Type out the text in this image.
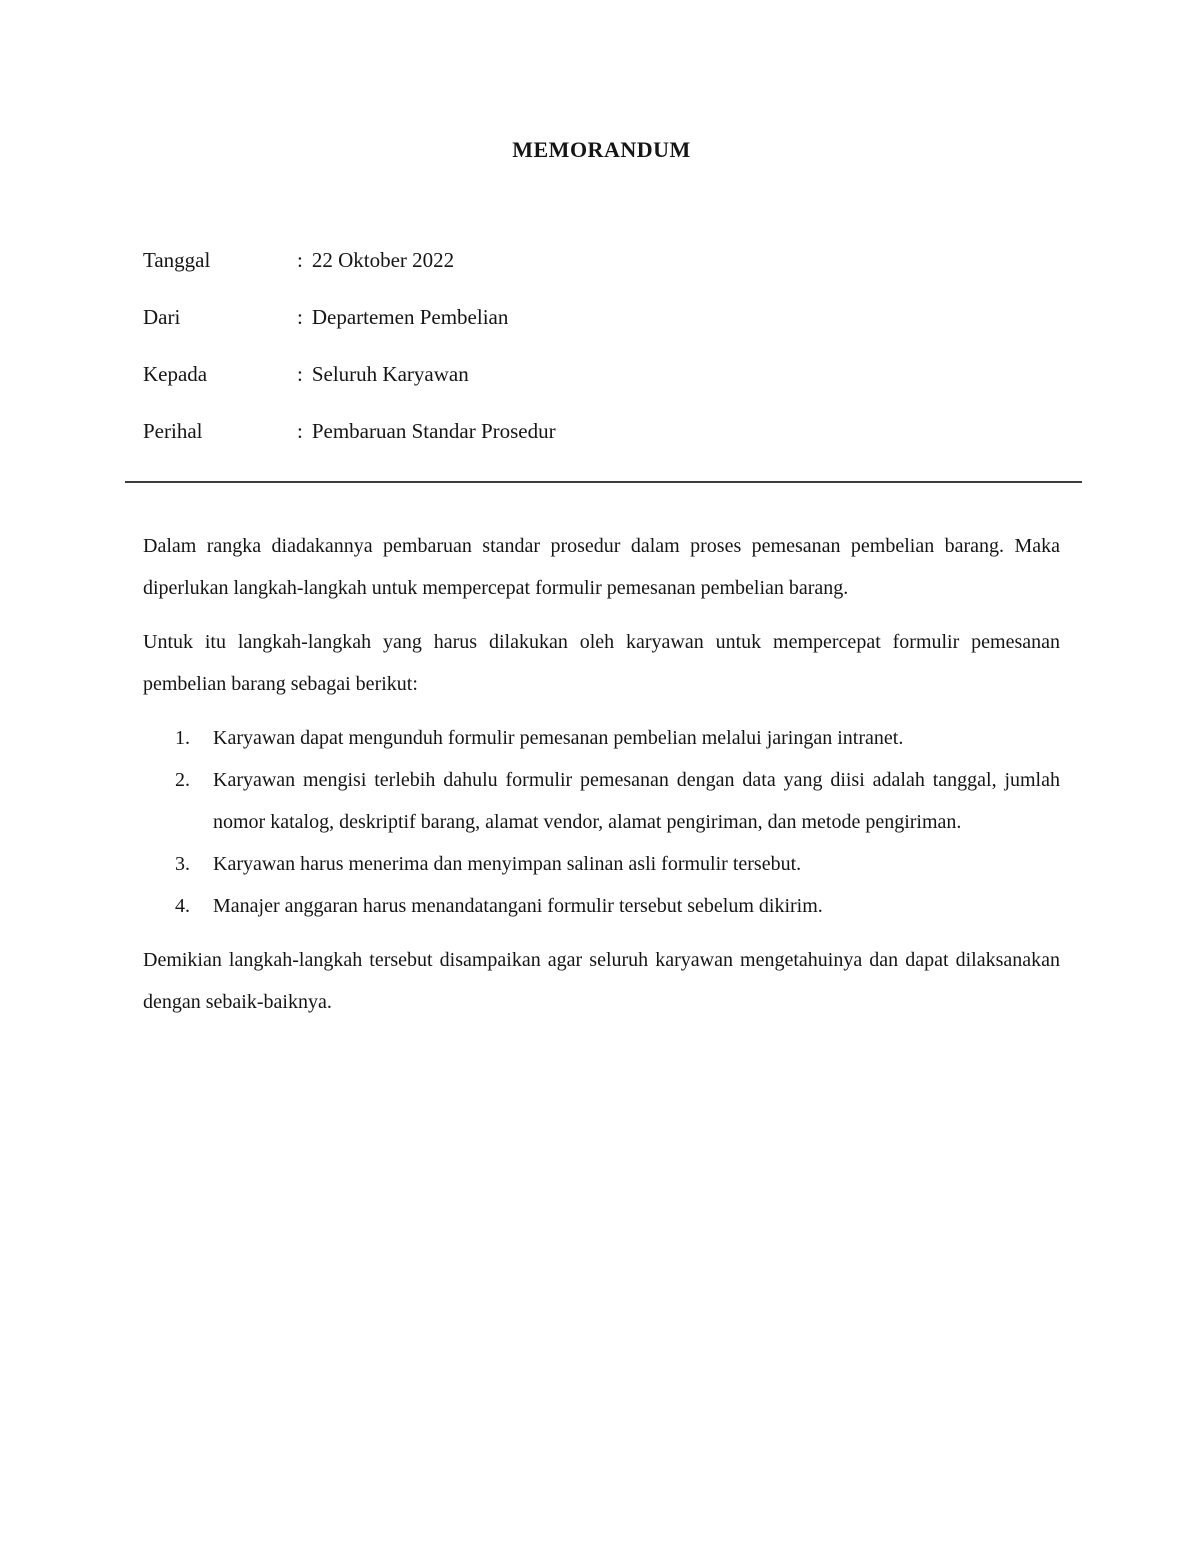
MEMORANDUM
Tanggal	: 22 Oktober 2022
Dari	: Departemen Pembelian
Kepada	: Seluruh Karyawan
Perihal	: Pembaruan Standar Prosedur

Dalam rangka diadakannya pembaruan standar prosedur dalam proses pemesanan pembelian barang. Maka diperlukan langkah-langkah untuk mempercepat formulir pemesanan pembelian barang.

Untuk itu langkah-langkah yang harus dilakukan oleh karyawan untuk mempercepat formulir pemesanan pembelian barang sebagai berikut:

1. Karyawan dapat mengunduh formulir pemesanan pembelian melalui jaringan intranet.
2. Karyawan mengisi terlebih dahulu formulir pemesanan dengan data yang diisi adalah tanggal, jumlah nomor katalog, deskriptif barang, alamat vendor, alamat pengiriman, dan metode pengiriman.
3. Karyawan harus menerima dan menyimpan salinan asli formulir tersebut.
4. Manajer anggaran harus menandatangani formulir tersebut sebelum dikirim.

Demikian langkah-langkah tersebut disampaikan agar seluruh karyawan mengetahuinya dan dapat dilaksanakan dengan sebaik-baiknya.
